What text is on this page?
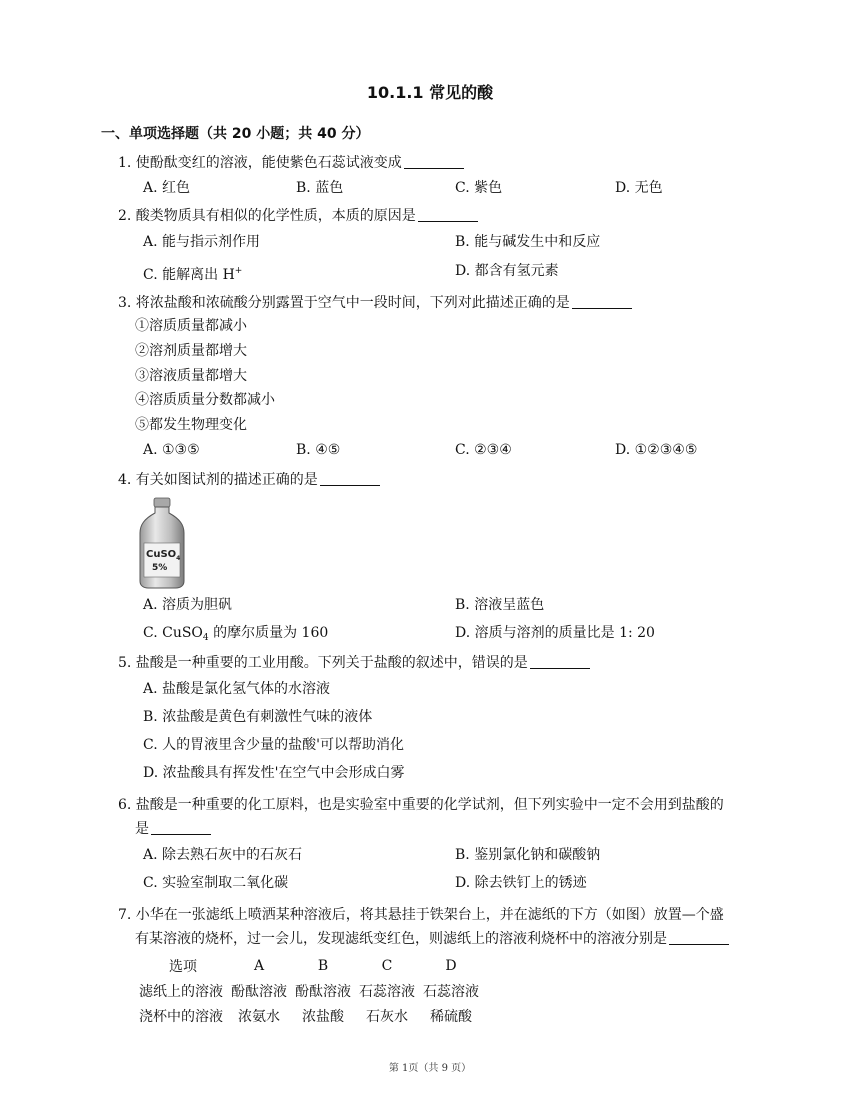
10.1.1 常见的酸
一、单项选择题（共 20 小题；共 40 分）
1. 使酚酞变红的溶液，能使紫色石蕊试液变成
A. 红色	B. 蓝色	C. 紫色	D. 无色
2. 酸类物质具有相似的化学性质，本质的原因是
A. 能与指示剂作用	B. 能与碱发生中和反应
C. 能解离出 H+	D. 都含有氢元素
3. 将浓盐酸和浓硫酸分别露置于空气中一段时间，下列对此描述正确的是
①溶质质量都减小
②溶剂质量都增大
③溶液质量都增大
④溶质质量分数都减小
⑤都发生物理变化
A. ①③⑤	B. ④⑤	C. ②③④	D. ①②③④⑤
4. 有关如图试剂的描述正确的是
CuSO$_4$
5%
A. 溶质为胆矾	B. 溶液呈蓝色
C. CuSO$_4$ 的摩尔质量为 160	D. 溶质与溶剂的质量比是 1: 20
5. 盐酸是一种重要的工业用酸。下列关于盐酸的叙述中，错误的是
A. 盐酸是氯化氢气体的水溶液
B. 浓盐酸是黄色有刺激性气味的液体
C. 人的胃液里含少量的盐酸'可以帮助消化
D. 浓盐酸具有挥发性'在空气中会形成白雾
6. 盐酸是一种重要的化工原料，也是实验室中重要的化学试剂，但下列实验中一定不会用到盐酸的
是
A. 除去熟石灰中的石灰石	B. 鉴别氯化钠和碳酸钠
C. 实验室制取二氧化碳	D. 除去铁钉上的锈迹
7. 小华在一张滤纸上喷洒某种溶液后，将其悬挂于铁架台上，并在滤纸的下方（如图）放置—个盛
有某溶液的烧杯，过一会儿，发现滤纸变红色，则滤纸上的溶液利烧杯中的溶液分别是
选项	A	B	C	D
滤纸上的溶液	酚酞溶液	酚酞溶液	石蕊溶液	石蕊溶液
浇杯中的溶液	浓氨水	浓盐酸	石灰水	稀硫酸
第 1页（共 9 页）
